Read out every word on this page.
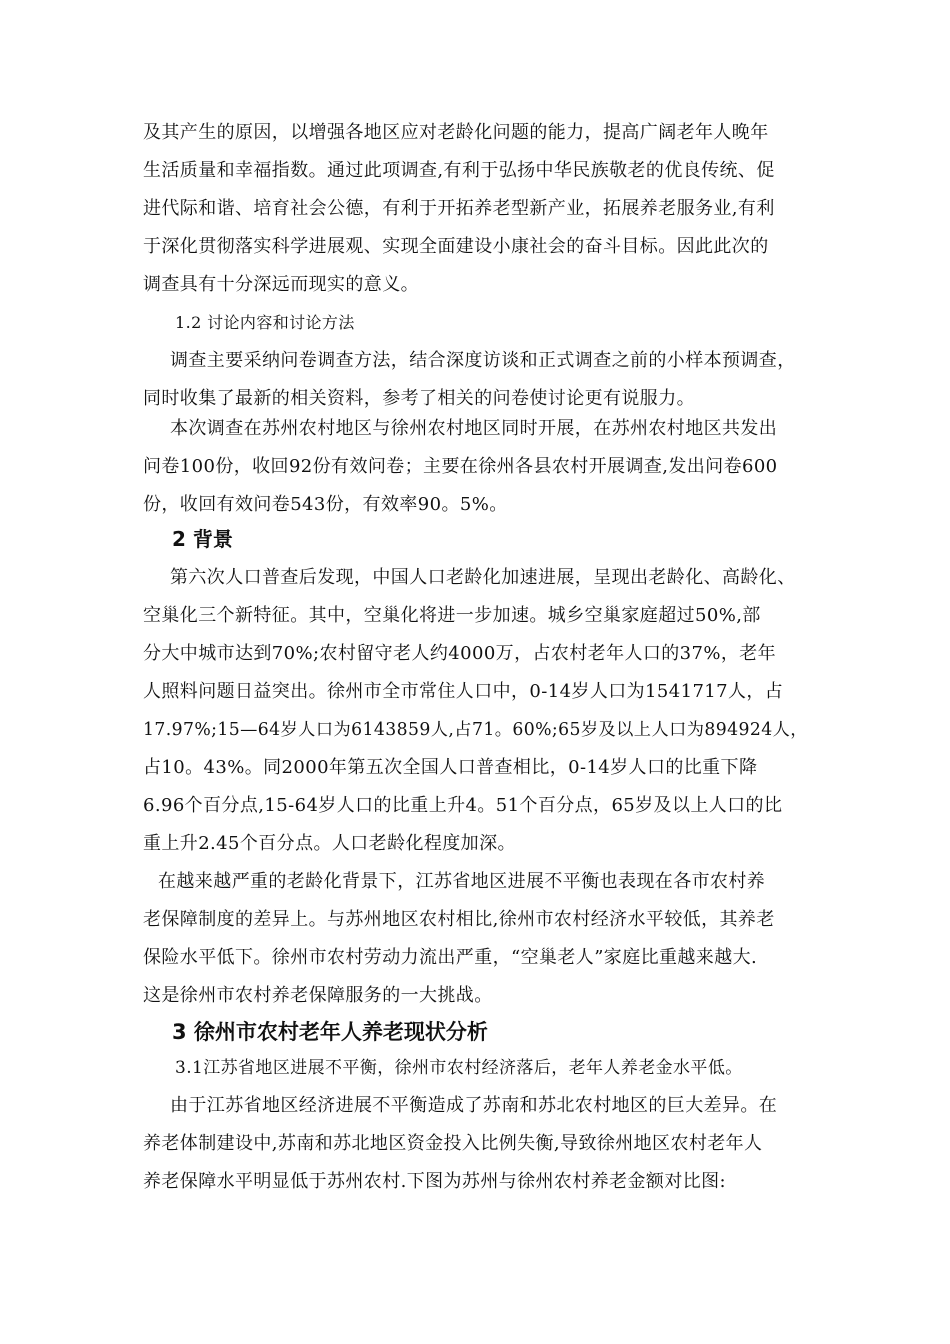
及其产生的原因，以增强各地区应对老龄化问题的能力，提高广阔老年人晚年
生活质量和幸福指数。通过此项调查,有利于弘扬中华民族敬老的优良传统、促
进代际和谐、培育社会公德，有利于开拓养老型新产业，拓展养老服务业,有利
于深化贯彻落实科学进展观、实现全面建设小康社会的奋斗目标。因此此次的
调查具有十分深远而现实的意义。
1.2 讨论内容和讨论方法
调查主要采纳问卷调查方法，结合深度访谈和正式调查之前的小样本预调查，
同时收集了最新的相关资料，参考了相关的问卷使讨论更有说服力。
本次调查在苏州农村地区与徐州农村地区同时开展，在苏州农村地区共发出
问卷100份，收回92份有效问卷；主要在徐州各县农村开展调查,发出问卷600
份，收回有效问卷543份，有效率90。5%。
2 背景
第六次人口普查后发现，中国人口老龄化加速进展，呈现出老龄化、高龄化、
空巢化三个新特征。其中，空巢化将进一步加速。城乡空巢家庭超过50%,部
分大中城市达到70%;农村留守老人约4000万，占农村老年人口的37%，老年
人照料问题日益突出。徐州市全市常住人口中，0-14岁人口为1541717人，占
17.97%;15—64岁人口为6143859人,占71。60%;65岁及以上人口为894924人，
占10。43%。同2000年第五次全国人口普查相比，0-14岁人口的比重下降
6.96个百分点,15-64岁人口的比重上升4。51个百分点，65岁及以上人口的比
重上升2.45个百分点。人口老龄化程度加深。
在越来越严重的老龄化背景下，江苏省地区进展不平衡也表现在各市农村养
老保障制度的差异上。与苏州地区农村相比,徐州市农村经济水平较低，其养老
保险水平低下。徐州市农村劳动力流出严重，“空巢老人”家庭比重越来越大.
这是徐州市农村养老保障服务的一大挑战。
3 徐州市农村老年人养老现状分析
3.1江苏省地区进展不平衡，徐州市农村经济落后，老年人养老金水平低。
由于江苏省地区经济进展不平衡造成了苏南和苏北农村地区的巨大差异。在
养老体制建设中,苏南和苏北地区资金投入比例失衡,导致徐州地区农村老年人
养老保障水平明显低于苏州农村.下图为苏州与徐州农村养老金额对比图:
